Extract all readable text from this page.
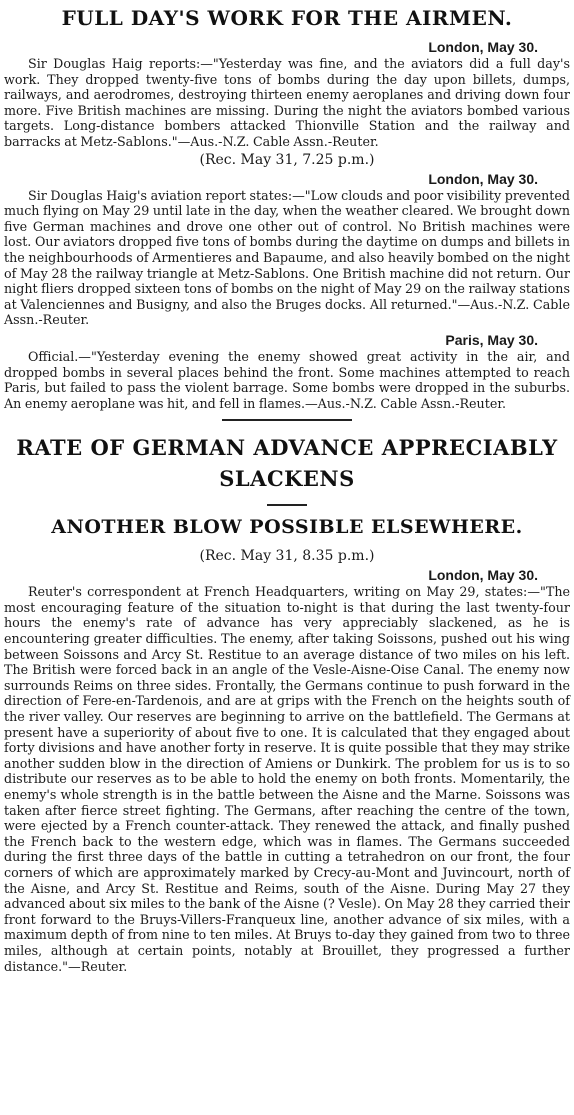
FULL DAY'S WORK FOR THE AIRMEN.
London, May 30.

Sir Douglas Haig reports:—"Yesterday was fine, and the aviators did a full day's work. They dropped twenty-five tons of bombs during the day upon billets, dumps, railways, and aerodromes, destroying thirteen enemy aeroplanes and driving down four more. Five British machines are missing. During the night the aviators bombed various targets. Long-distance bombers attacked Thionville Station and the railway and barracks at Metz-Sablons."—Aus.-N.Z. Cable Assn.-Reuter.

(Rec. May 31, 7.25 p.m.)
London, May 30.

Sir Douglas Haig's aviation report states:—"Low clouds and poor visibility prevented much flying on May 29 until late in the day, when the weather cleared. We brought down five German machines and drove one other out of control. No British machines were lost. Our aviators dropped five tons of bombs during the daytime on dumps and billets in the neighbourhoods of Armentieres and Bapaume, and also heavily bombed on the night of May 28 the railway triangle at Metz-Sablons. One British machine did not return. Our night fliers dropped sixteen tons of bombs on the night of May 29 on the railway stations at Valenciennes and Busigny, and also the Bruges docks. All returned."—Aus.-N.Z. Cable Assn.-Reuter.

Paris, May 30.

Official.—"Yesterday evening the enemy showed great activity in the air, and dropped bombs in several places behind the front. Some machines attempted to reach Paris, but failed to pass the violent barrage. Some bombs were dropped in the suburbs. An enemy aeroplane was hit, and fell in flames.—Aus.-N.Z. Cable Assn.-Reuter.

RATE OF GERMAN ADVANCE APPRECIABLY
SLACKENS
ANOTHER BLOW POSSIBLE ELSEWHERE.
(Rec. May 31, 8.35 p.m.)
London, May 30.

Reuter's correspondent at French Headquarters, writing on May 29, states:—"The most encouraging feature of the situation to-night is that during the last twenty-four hours the enemy's rate of advance has very appreciably slackened, as he is encountering greater difficulties. The enemy, after taking Soissons, pushed out his wing between Soissons and Arcy St. Restitue to an average distance of two miles on his left. The British were forced back in an angle of the Vesle-Aisne-Oise Canal. The enemy now surrounds Reims on three sides. Frontally, the Germans continue to push forward in the direction of Fere-en-Tardenois, and are at grips with the French on the heights south of the river valley. Our reserves are beginning to arrive on the battlefield. The Germans at present have a superiority of about five to one. It is calculated that they engaged about forty divisions and have another forty in reserve. It is quite possible that they may strike another sudden blow in the direction of Amiens or Dunkirk. The problem for us is to so distribute our reserves as to be able to hold the enemy on both fronts. Momentarily, the enemy's whole strength is in the battle between the Aisne and the Marne. Soissons was taken after fierce street fighting. The Germans, after reaching the centre of the town, were ejected by a French counter-attack. They renewed the attack, and finally pushed the French back to the western edge, which was in flames. The Germans succeeded during the first three days of the battle in cutting a tetrahedron on our front, the four corners of which are approximately marked by Crecy-au-Mont and Juvincourt, north of the Aisne, and Arcy St. Restitue and Reims, south of the Aisne. During May 27 they advanced about six miles to the bank of the Aisne (? Vesle). On May 28 they carried their front forward to the Bruys-Villers-Franqueux line, another advance of six miles, with a maximum depth of from nine to ten miles. At Bruys to-day they gained from two to three miles, although at certain points, notably at Brouillet, they progressed a further distance."—Reuter.
